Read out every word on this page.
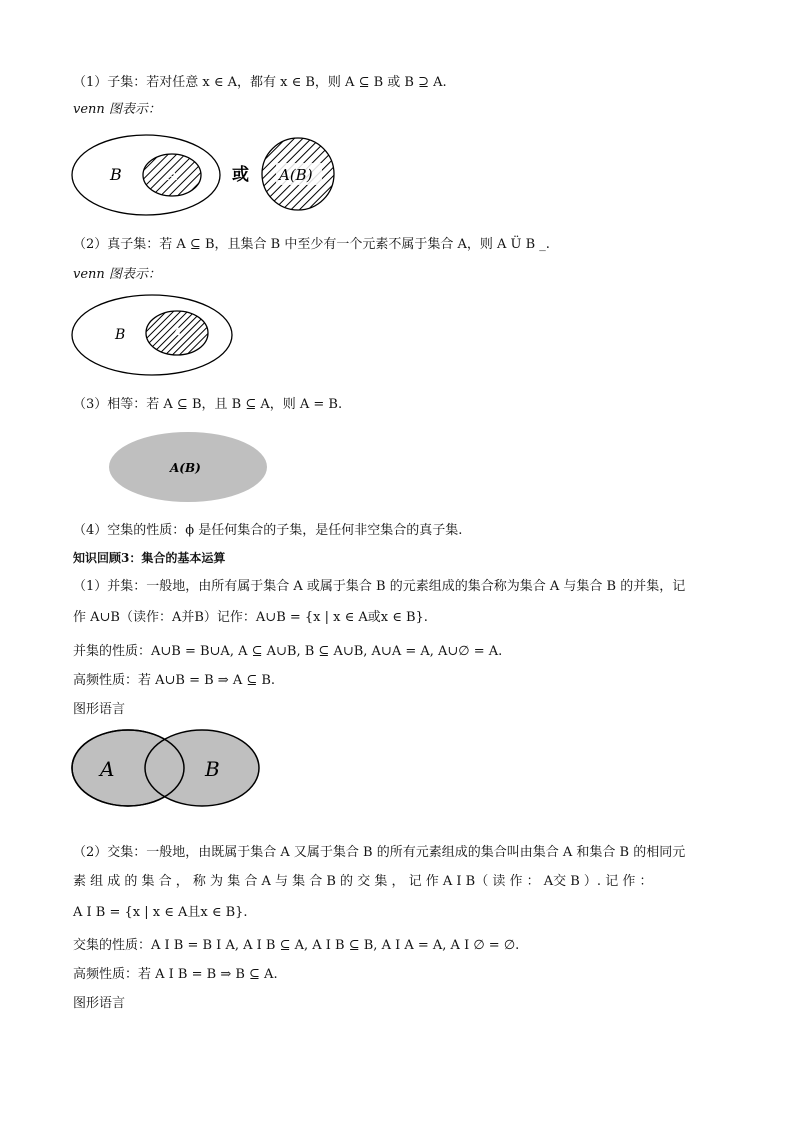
（1）子集：若对任意 x ∈ A，都有 x ∈ B，则 A ⊆ B 或 B ⊇ A.
venn 图表示：
B	A	或 A(B)
（2）真子集：若 A ⊆ B，且集合 B 中至少有一个元素不属于集合 A，则 A Ü B _.
venn 图表示：
B	A
（3）相等：若 A ⊆ B，且 B ⊆ A，则 A = B.
A(B)
（4）空集的性质：ϕ 是任何集合的子集，是任何非空集合的真子集.
知识回顾3：集合的基本运算
（1）并集：一般地，由所有属于集合 A 或属于集合 B 的元素组成的集合称为集合 A 与集合 B 的并集，记
作 A∪B（读作：A并B）记作：A∪B = {x | x ∈ A或x ∈ B}.
并集的性质：A∪B = B∪A, A ⊆ A∪B, B ⊆ A∪B, A∪A = A, A∪∅ = A.
高频性质：若 A∪B = B ⇒ A ⊆ B.
图形语言
A	B
（2）交集：一般地，由既属于集合 A 又属于集合 B 的所有元素组成的集合叫由集合 A 和集合 B 的相同元
素 组 成 的 集 合 ， 称 为 集 合 A 与 集 合 B 的 交 集 ， 记 作 A I B（ 读 作 ： A交 B ）. 记 作 ：
A I B = {x | x ∈ A且x ∈ B}.
交集的性质：A I B = B I A, A I B ⊆ A, A I B ⊆ B, A I A = A, A I ∅ = ∅.
高频性质：若 A I B = B ⇒ B ⊆ A.
图形语言
